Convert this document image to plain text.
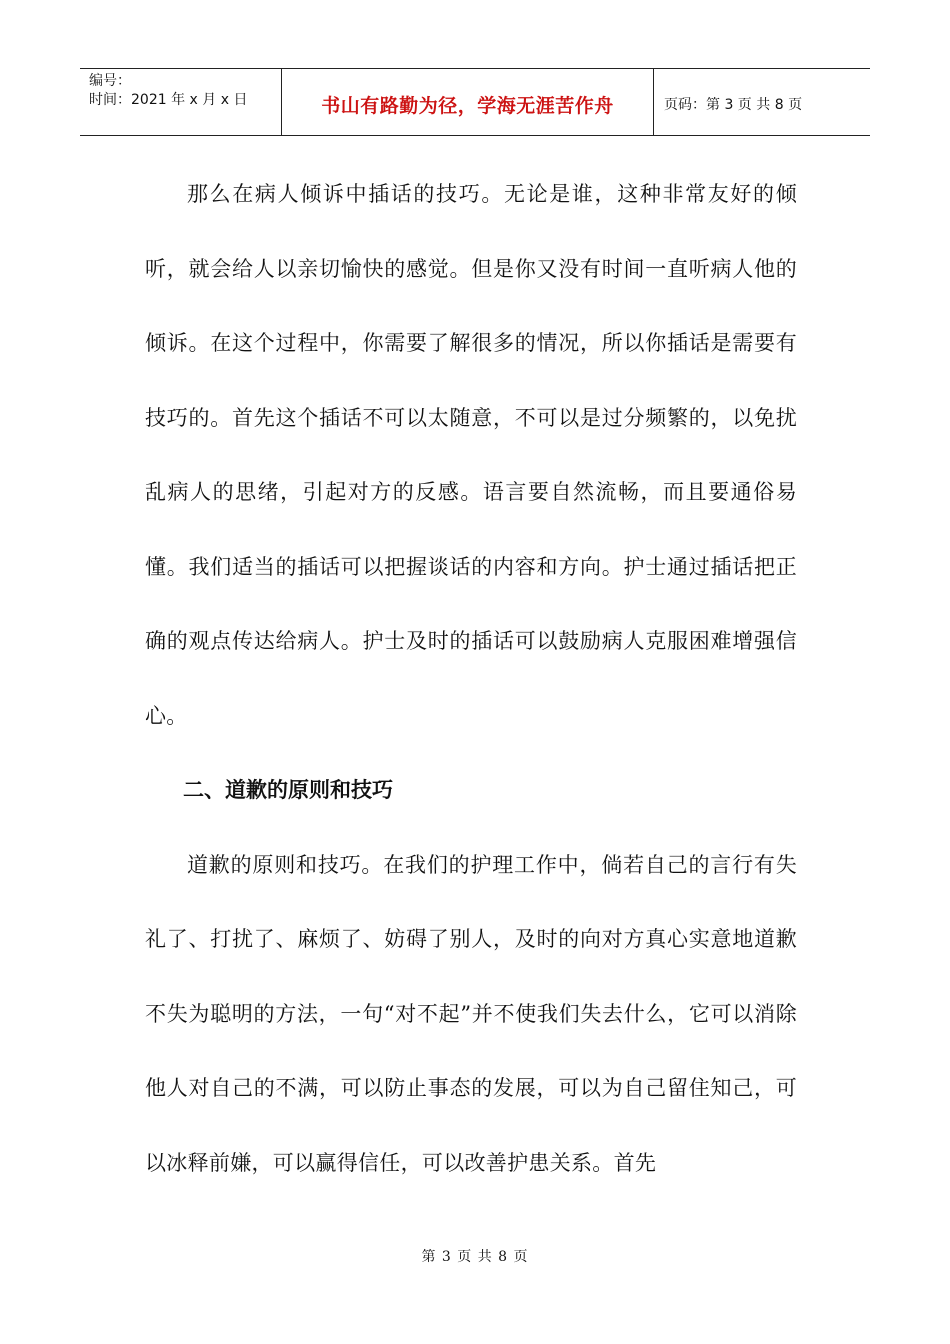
编号：
时间：2021 年 x 月 x 日	书山有路勤为径，学海无涯苦作舟	页码：第 3 页 共 8 页

那么在病人倾诉中插话的技巧。无论是谁，这种非常友好的倾听，就会给人以亲切愉快的感觉。但是你又没有时间一直听病人他的倾诉。在这个过程中，你需要了解很多的情况，所以你插话是需要有技巧的。首先这个插话不可以太随意，不可以是过分频繁的，以免扰乱病人的思绪，引起对方的反感。语言要自然流畅，而且要通俗易懂。我们适当的插话可以把握谈话的内容和方向。护士通过插话把正确的观点传达给病人。护士及时的插话可以鼓励病人克服困难增强信心。

二、道歉的原则和技巧

道歉的原则和技巧。在我们的护理工作中，倘若自己的言行有失礼了、打扰了、麻烦了、妨碍了别人，及时的向对方真心实意地道歉不失为聪明的方法，一句“对不起”并不使我们失去什么，它可以消除他人对自己的不满，可以防止事态的发展，可以为自己留住知己，可以冰释前嫌，可以赢得信任，可以改善护患关系。首先

第 3 页 共 8 页
